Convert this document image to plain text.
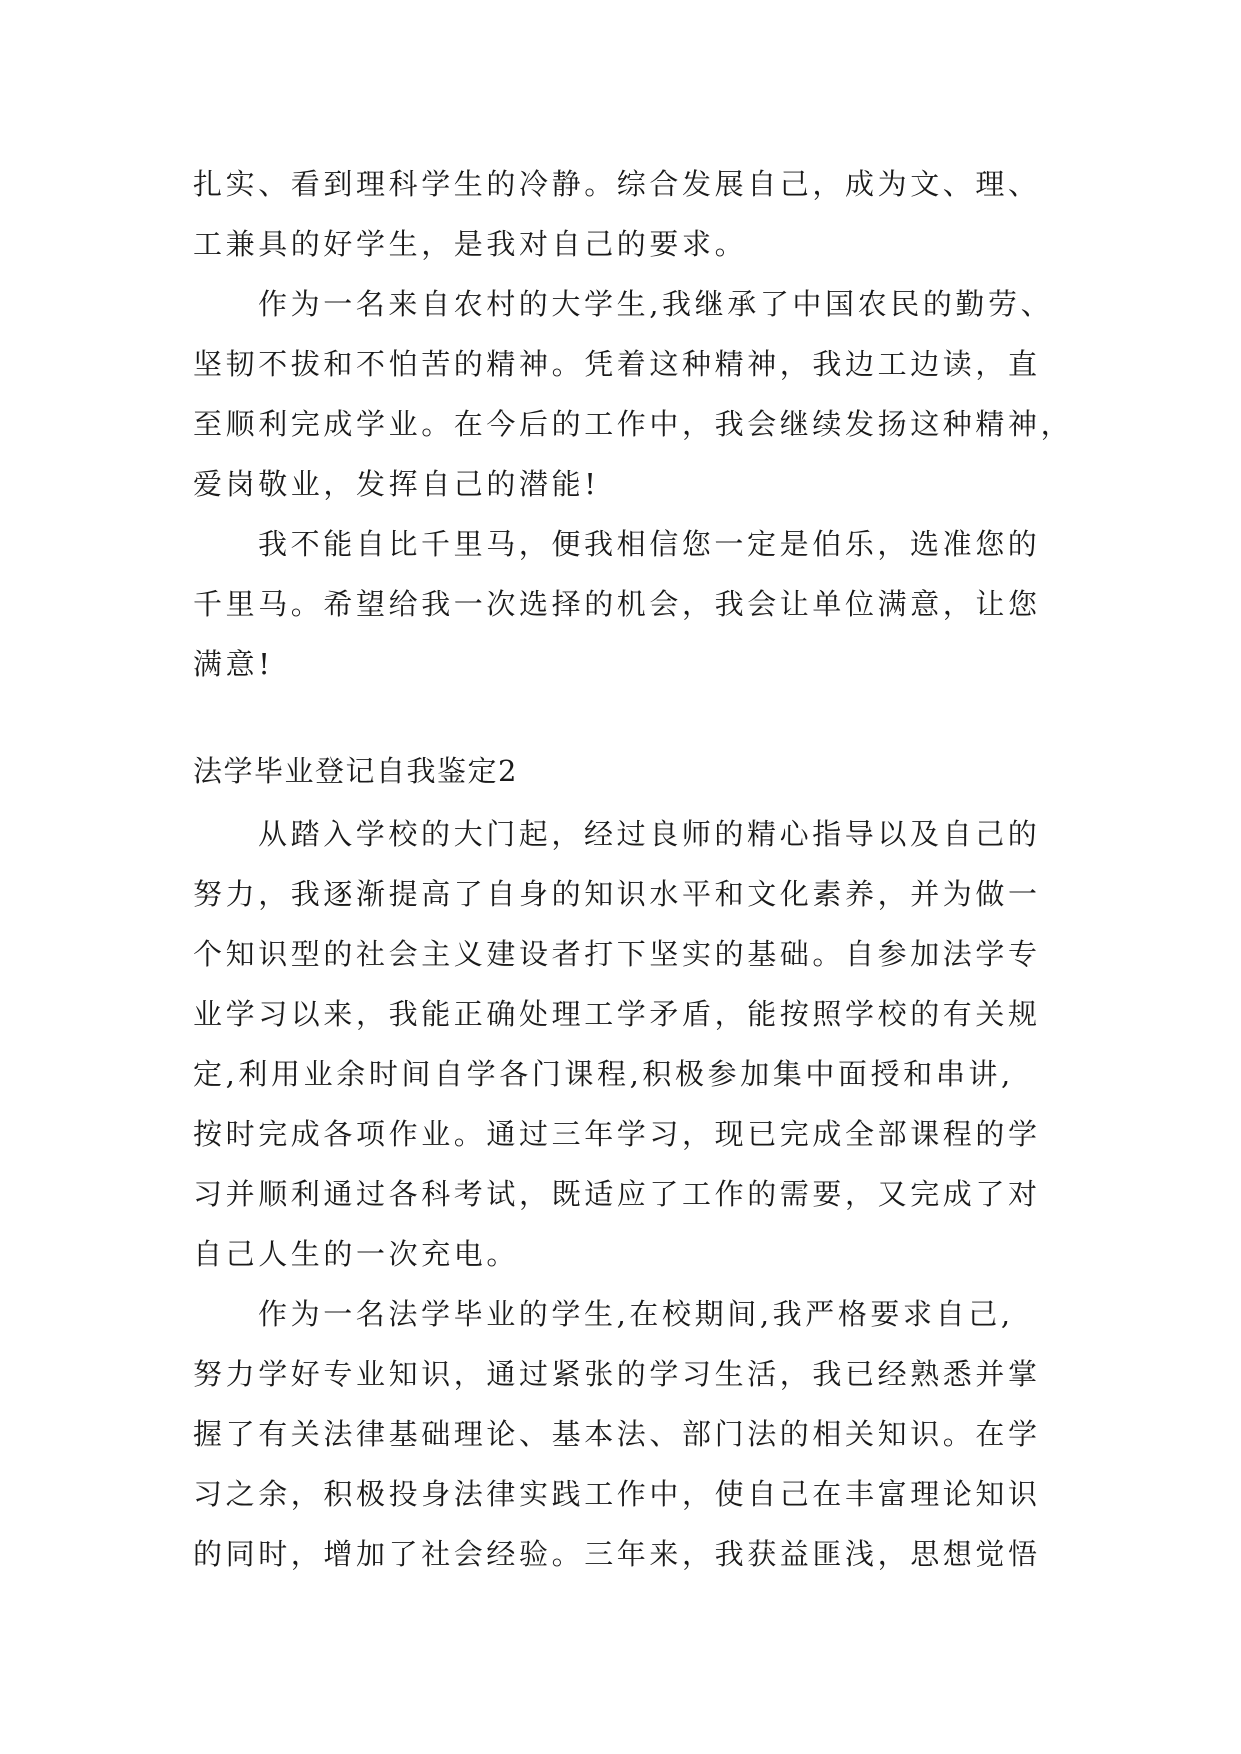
扎实、看到理科学生的冷静。综合发展自己，成为文、理、
工兼具的好学生，是我对自己的要求。
作为一名来自农村的大学生,我继承了中国农民的勤劳、
坚韧不拔和不怕苦的精神。凭着这种精神，我边工边读，直
至顺利完成学业。在今后的工作中，我会继续发扬这种精神，
爱岗敬业，发挥自己的潜能!
我不能自比千里马，便我相信您一定是伯乐，选准您的
千里马。希望给我一次选择的机会，我会让单位满意，让您
满意!
法学毕业登记自我鉴定2
从踏入学校的大门起，经过良师的精心指导以及自己的
努力，我逐渐提高了自身的知识水平和文化素养，并为做一
个知识型的社会主义建设者打下坚实的基础。自参加法学专
业学习以来，我能正确处理工学矛盾，能按照学校的有关规
定,利用业余时间自学各门课程,积极参加集中面授和串讲,
按时完成各项作业。通过三年学习，现已完成全部课程的学
习并顺利通过各科考试，既适应了工作的需要，又完成了对
自己人生的一次充电。
作为一名法学毕业的学生,在校期间,我严格要求自己,
努力学好专业知识，通过紧张的学习生活，我已经熟悉并掌
握了有关法律基础理论、基本法、部门法的相关知识。在学
习之余，积极投身法律实践工作中，使自己在丰富理论知识
的同时，增加了社会经验。三年来，我获益匪浅，思想觉悟
